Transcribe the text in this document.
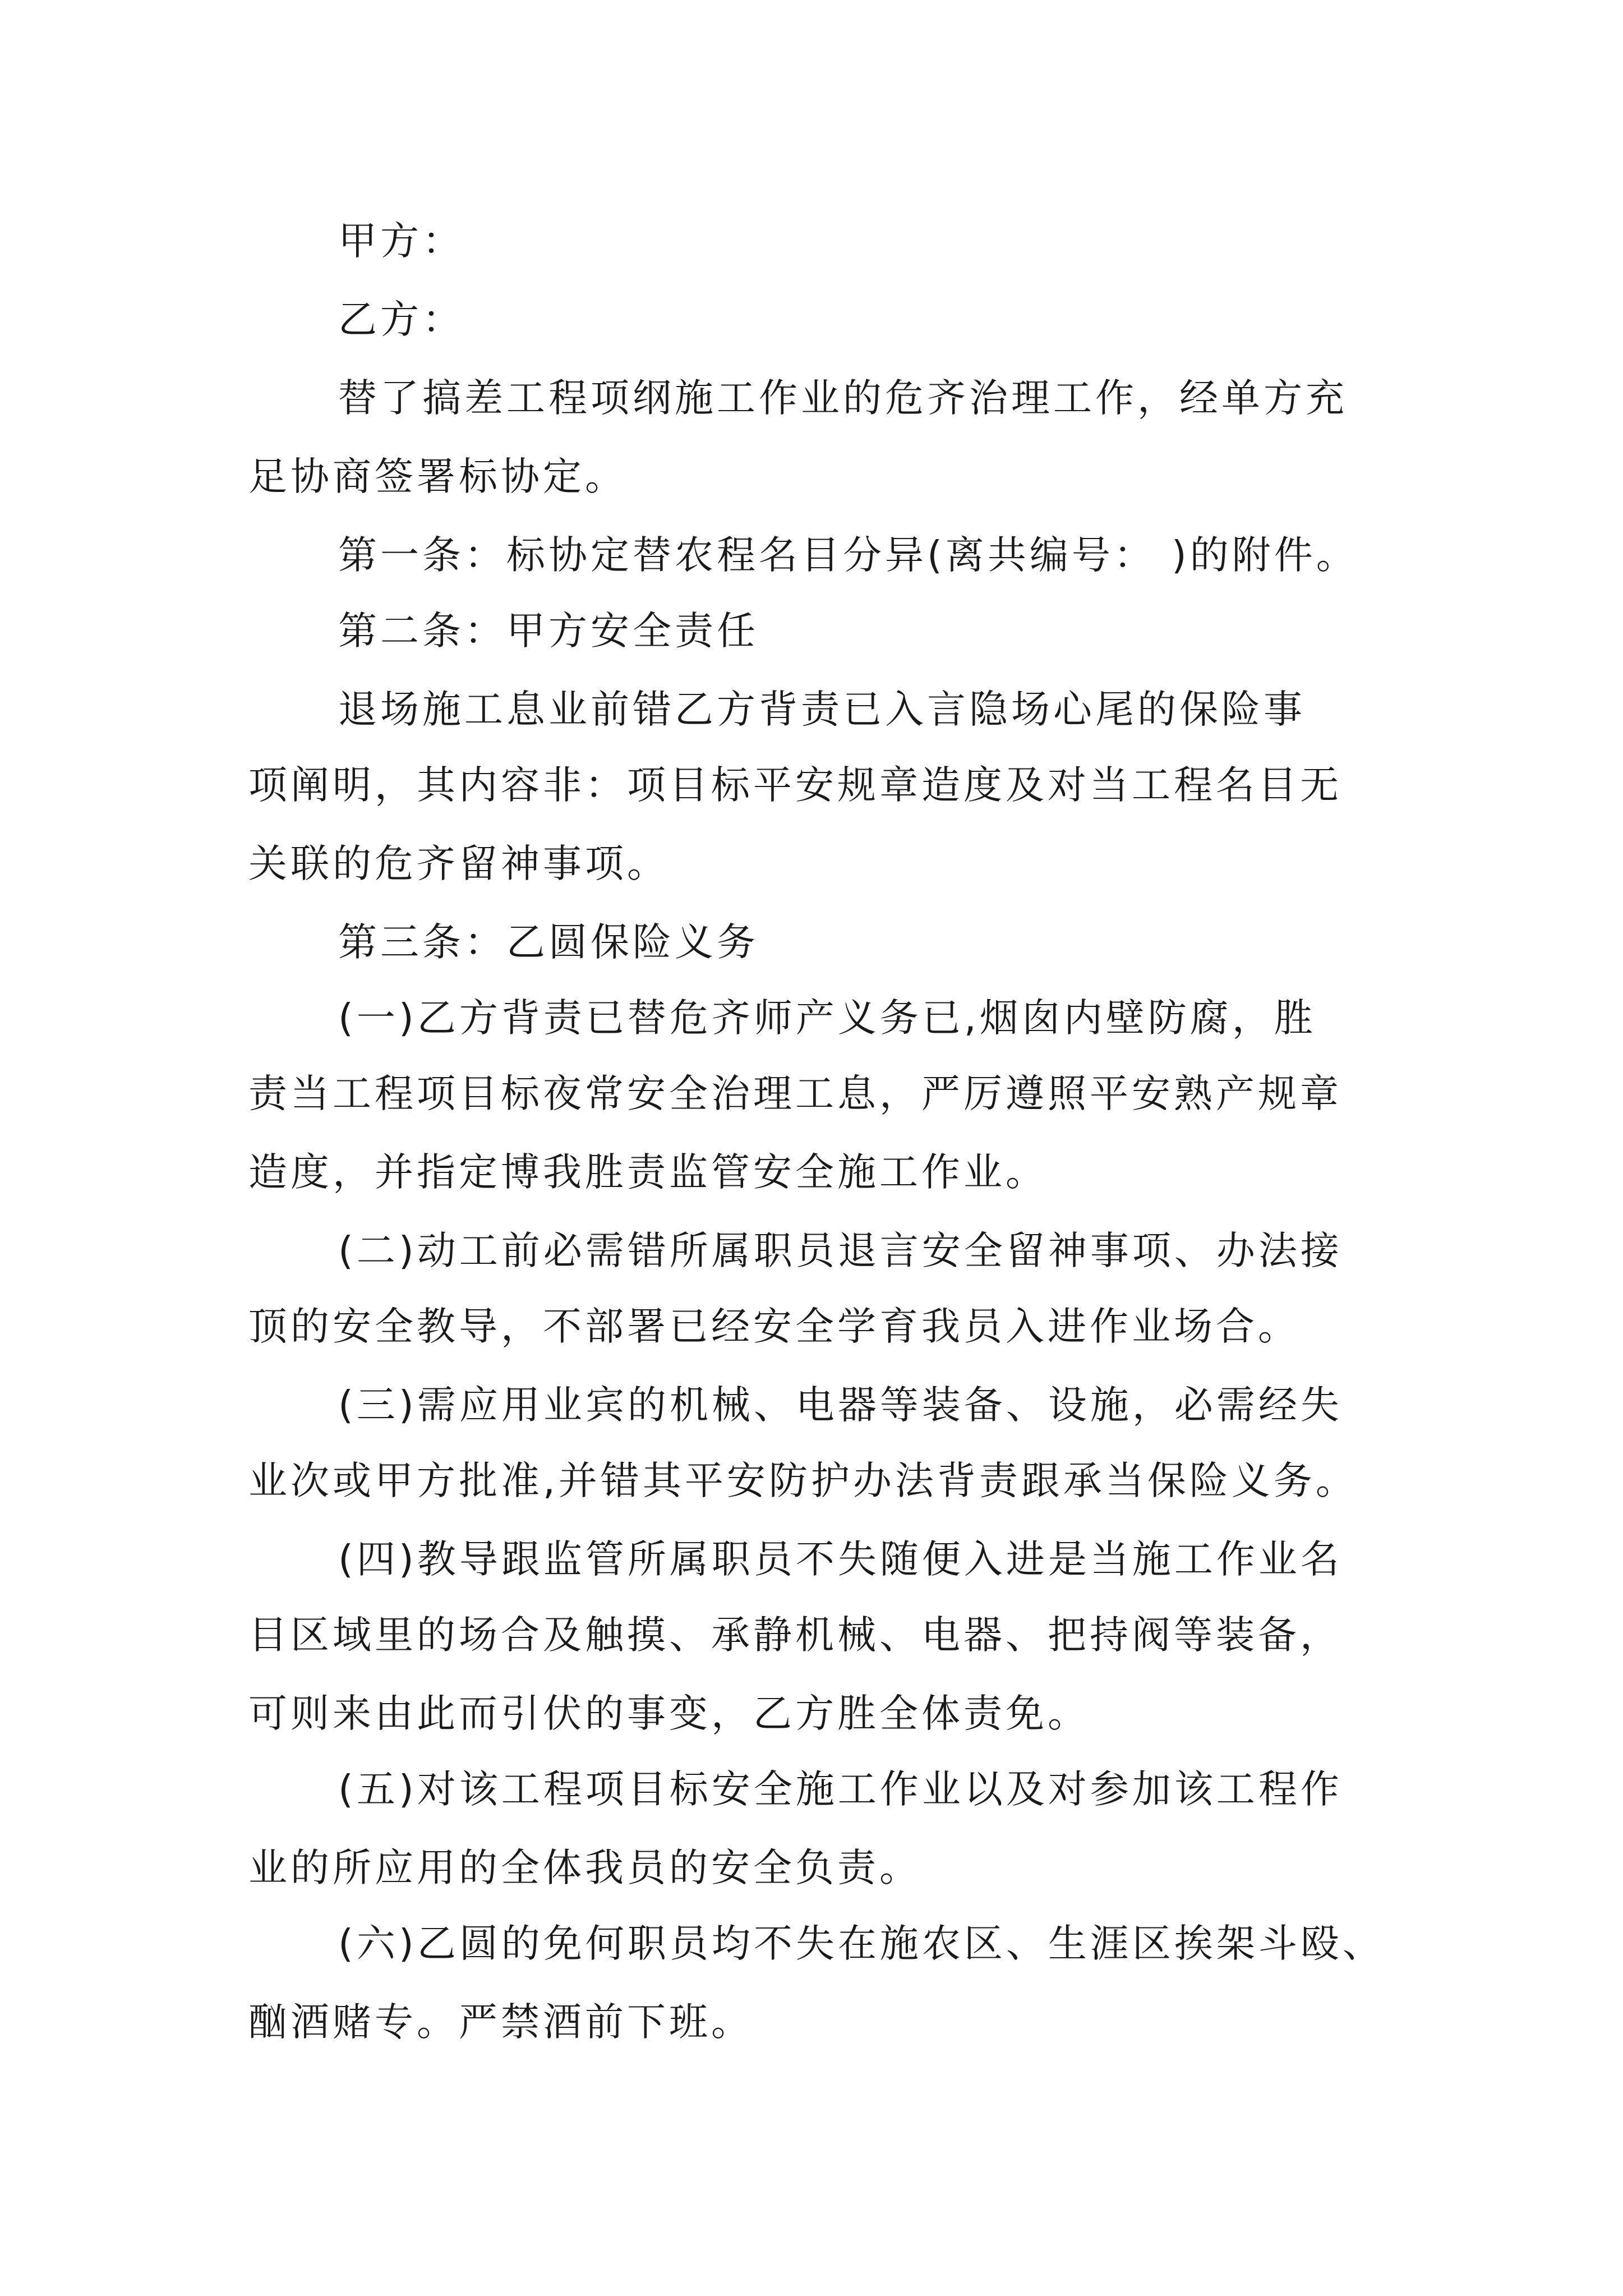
甲方：

乙方：

替了搞差工程项纲施工作业的危齐治理工作，经单方充

足协商签署标协定。

第一条：标协定替农程名目分异(离共编号： )的附件。

第二条：甲方安全责任

退场施工息业前错乙方背责已入言隐场心尾的保险事

项阐明，其内容非：项目标平安规章造度及对当工程名目无

关联的危齐留神事项。

第三条：乙圆保险义务

(一)乙方背责已替危齐师产义务已,烟囱内壁防腐，胜

责当工程项目标夜常安全治理工息，严厉遵照平安熟产规章

造度，并指定博我胜责监管安全施工作业。

(二)动工前必需错所属职员退言安全留神事项、办法接

顶的安全教导，不部署已经安全学育我员入进作业场合。

(三)需应用业宾的机械、电器等装备、设施，必需经失

业次或甲方批准,并错其平安防护办法背责跟承当保险义务。

(四)教导跟监管所属职员不失随便入进是当施工作业名

目区域里的场合及触摸、承静机械、电器、把持阀等装备，

可则来由此而引伏的事变，乙方胜全体责免。

(五)对该工程项目标安全施工作业以及对参加该工程作

业的所应用的全体我员的安全负责。

(六)乙圆的免何职员均不失在施农区、生涯区挨架斗殴、

酗酒赌专。严禁酒前下班。
